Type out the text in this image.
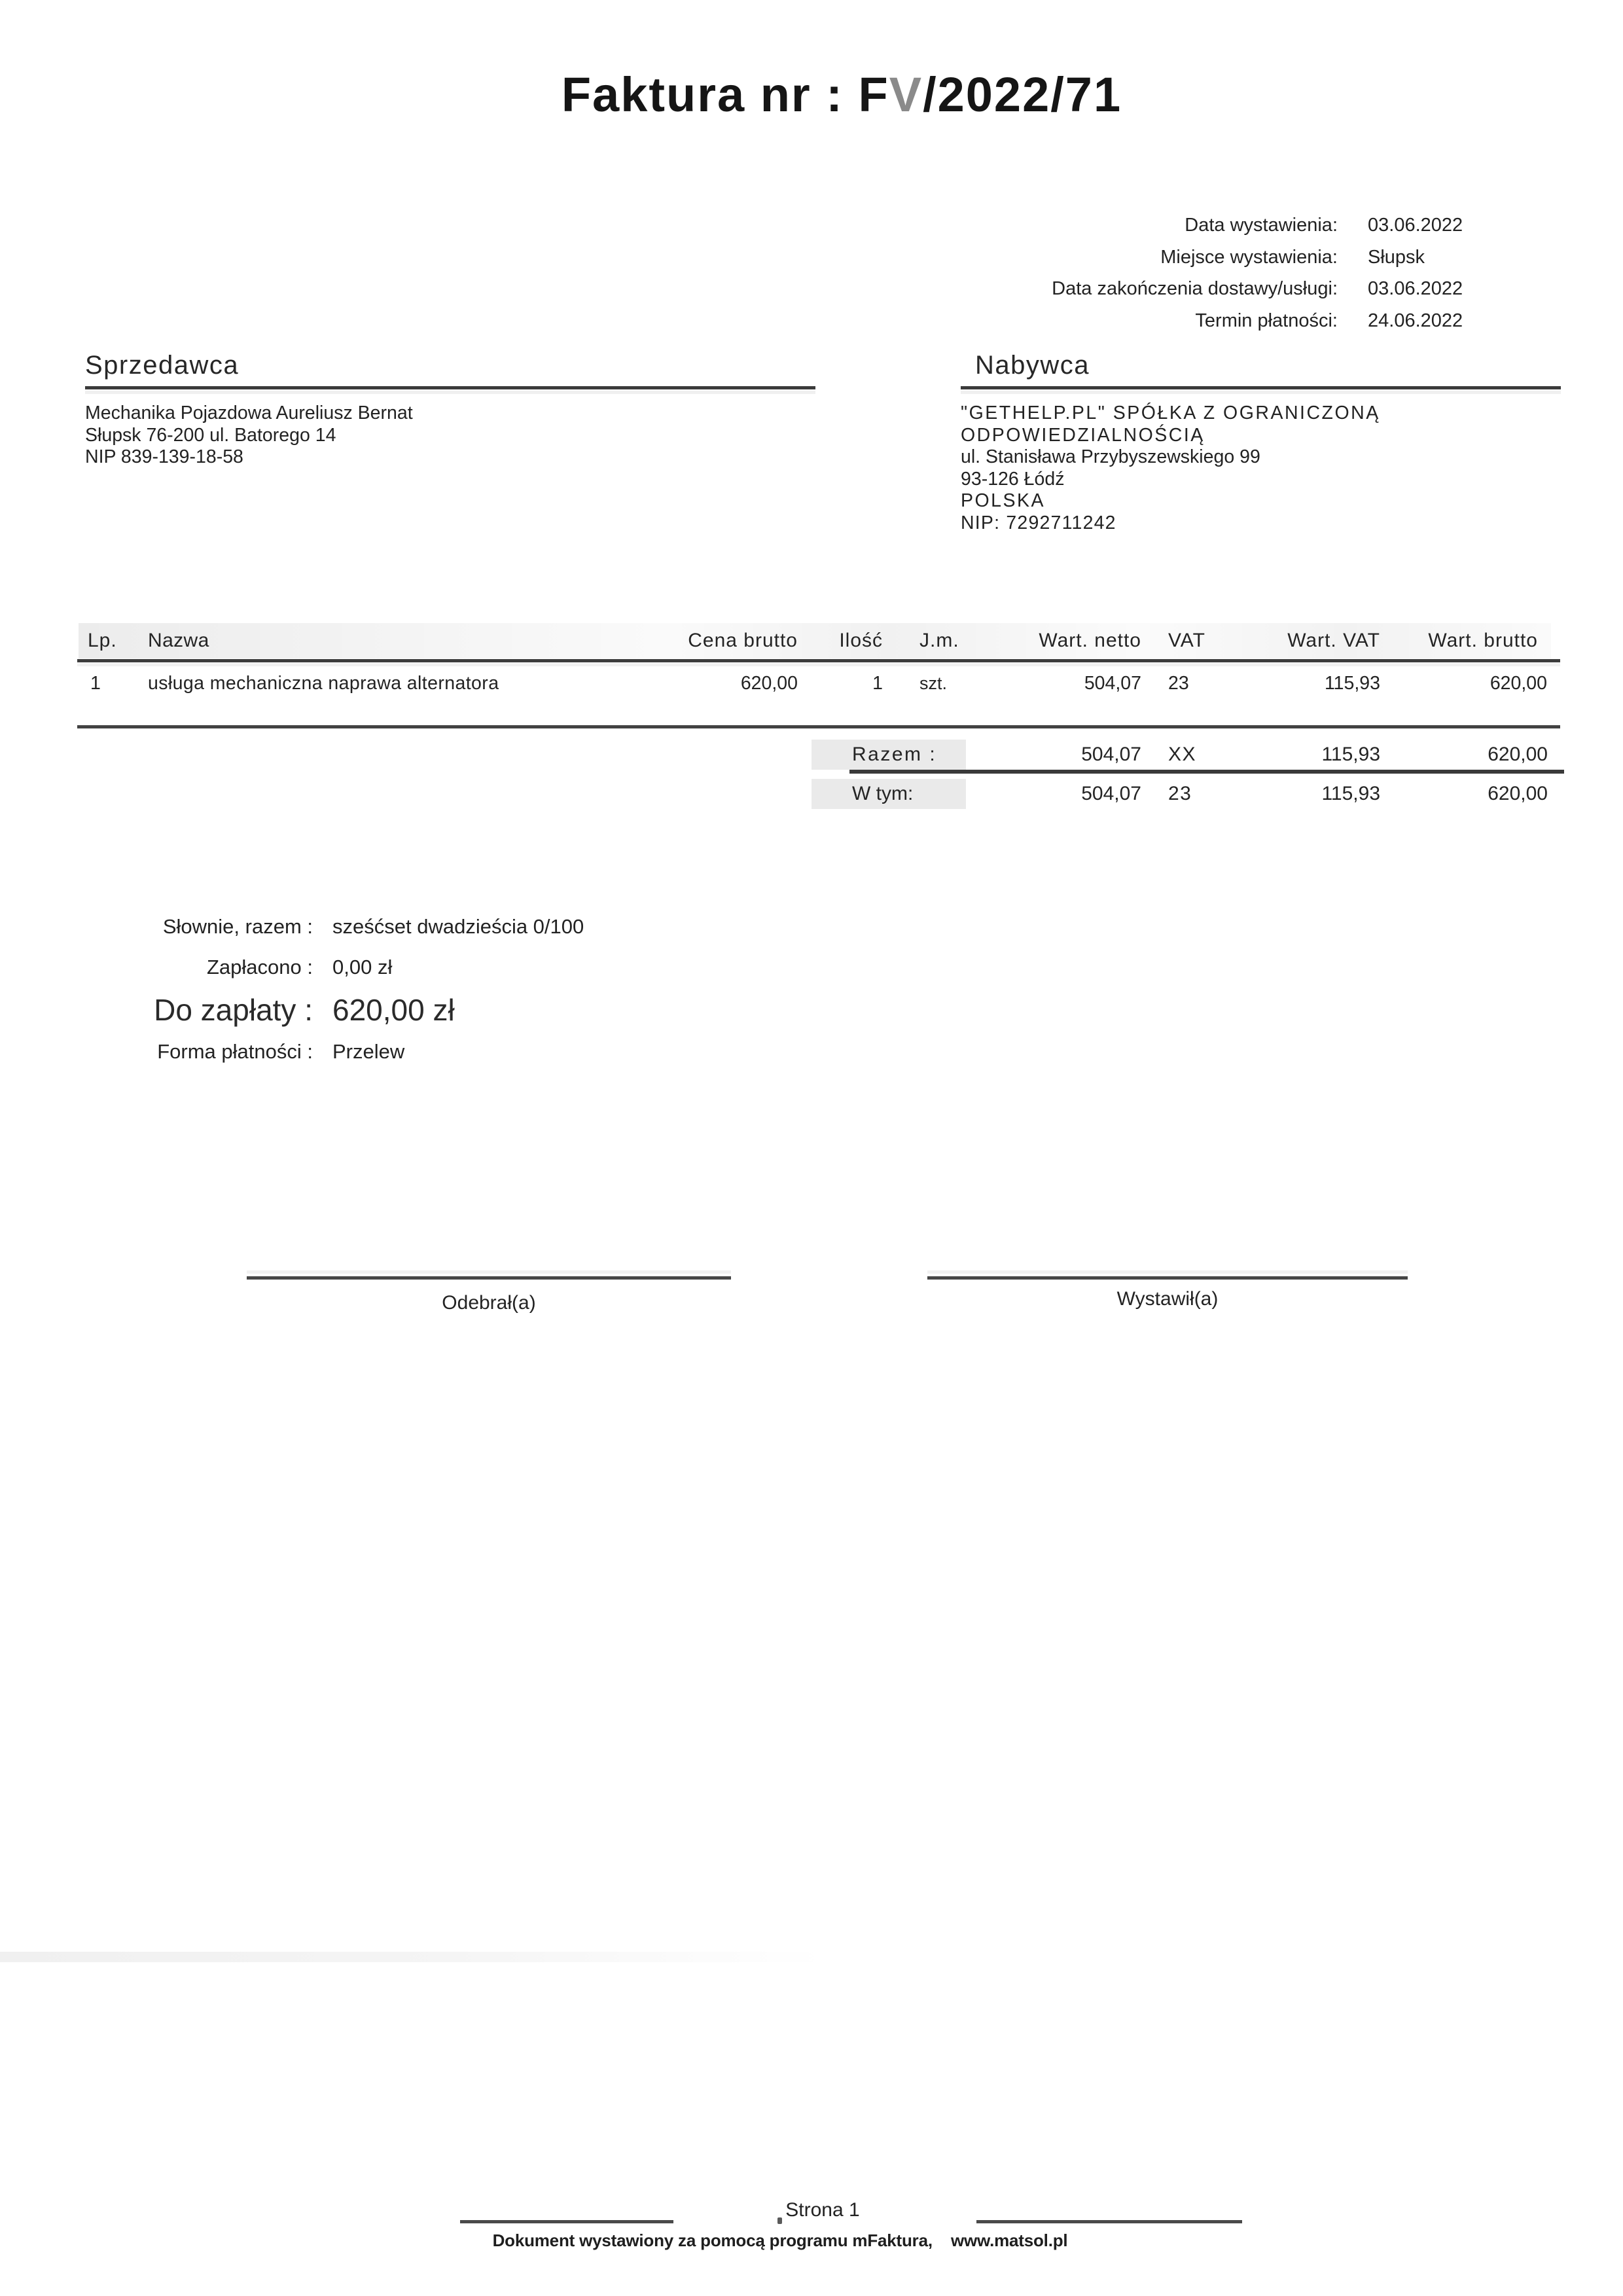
Faktura nr : FV/2022/71
Data wystawienia: 03.06.2022
Miejsce wystawienia: Słupsk
Data zakończenia dostawy/usługi: 03.06.2022
Termin płatności: 24.06.2022
Sprzedawca
Mechanika Pojazdowa Aureliusz Bernat
Słupsk 76-200 ul. Batorego 14
NIP 839-139-18-58
Nabywca
"GETHELP.PL" SPÓŁKA Z OGRANICZONĄ
ODPOWIEDZIALNOŚCIĄ
ul. Stanisława Przybyszewskiego 99
93-126 Łódź
POLSKA
NIP: 7292711242
Lp.	Nazwa	Cena brutto	Ilość	J.m.	Wart. netto	VAT	Wart. VAT	Wart. brutto
1	usługa mechaniczna naprawa alternatora	620,00	1	szt.	504,07	23	115,93	620,00
Razem :	504,07 XX	115,93	620,00
W tym:	504,07 23	115,93	620,00
Słownie, razem : sześćset dwadzieścia 0/100
Zapłacono : 0,00 zł
Do zapłaty : 620,00 zł
Forma płatności : Przelew
Odebrał(a)	Wystawił(a)
Strona 1
Dokument wystawiony za pomocą programu mFaktura,    www.matsol.pl
